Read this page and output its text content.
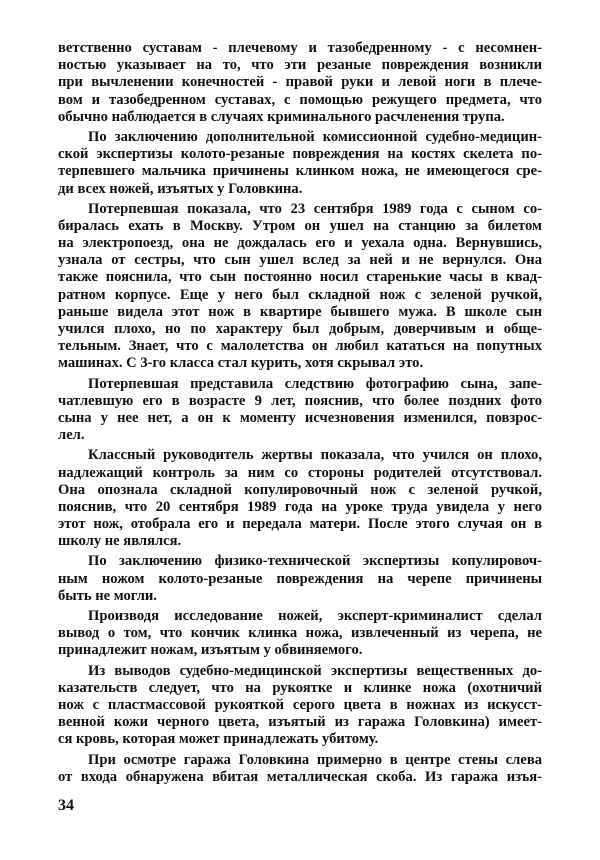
ветственно суставам - плечевому и тазобедренному - с несомнен-
ностью указывает на то, что эти резаные повреждения возникли
при вычленении конечностей - правой руки и левой ноги в плече-
вом и тазобедренном суставах, с помощью режущего предмета, что
обычно наблюдается в случаях криминального расчленения трупа.
По заключению дополнительной комиссионной судебно-медицин-
ской экспертизы колото-резаные повреждения на костях скелета по-
терпевшего мальчика причинены клинком ножа, не имеющегося сре-
ди всех ножей, изъятых у Головкина.
Потерпевшая показала, что 23 сентября 1989 года с сыном со-
биралась ехать в Москву. Утром он ушел на станцию за билетом
на электропоезд, она не дождалась его и уехала одна. Вернувшись,
узнала от сестры, что сын ушел вслед за ней и не вернулся. Она
также пояснила, что сын постоянно носил старенькие часы в квад-
ратном корпусе. Еще у него был складной нож с зеленой ручкой,
раньше видела этот нож в квартире бывшего мужа. В школе сын
учился плохо, но по характеру был добрым, доверчивым и обще-
тельным. Знает, что с малолетства он любил кататься на попутных
машинах. С 3-го класса стал курить, хотя скрывал это.
Потерпевшая представила следствию фотографию сына, запе-
чатлевшую его в возрасте 9 лет, пояснив, что более поздних фото
сына у нее нет, а он к моменту исчезновения изменился, повзрос-
лел.
Классный руководитель жертвы показала, что учился он плохо,
надлежащий контроль за ним со стороны родителей отсутствовал.
Она опознала складной копулировочный нож с зеленой ручкой,
пояснив, что 20 сентября 1989 года на уроке труда увидела у него
этот нож, отобрала его и передала матери. После этого случая он в
школу не являлся.
По заключению физико-технической экспертизы копулировоч-
ным ножом колото-резаные повреждения на черепе причинены
быть не могли.
Производя исследование ножей, эксперт-криминалист сделал
вывод о том, что кончик клинка ножа, извлеченный из черепа, не
принадлежит ножам, изъятым у обвиняемого.
Из выводов судебно-медицинской экспертизы вещественных до-
казательств следует, что на рукоятке и клинке ножа (охотничий
нож с пластмассовой рукояткой серого цвета в ножнах из искусст-
венной кожи черного цвета, изъятый из гаража Головкина) имеет-
ся кровь, которая может принадлежать убитому.
При осмотре гаража Головкина примерно в центре стены слева
от входа обнаружена вбитая металлическая скоба. Из гаража изъя-
34
